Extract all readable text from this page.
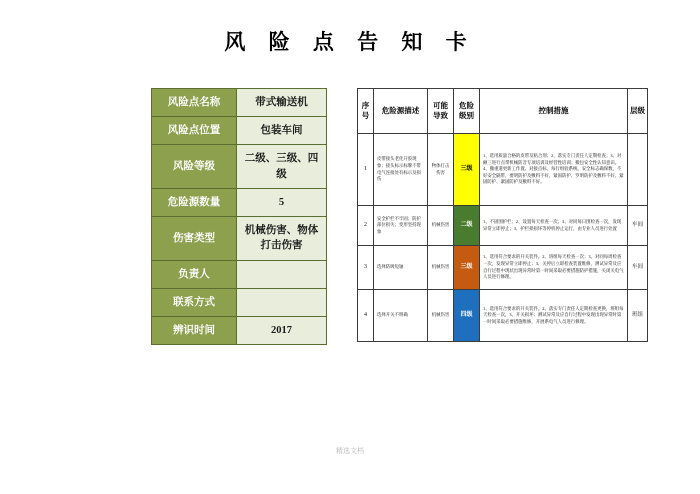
风 险 点 告 知 卡
风险点名称	带式输送机
风险点位置	包装车间
风险等级	二级、三级、四级
危险源数量	5
伤害类型	机械伤害、物体打击伤害
负责人	
联系方式	
辨识时间	2017
序号	危险源描述	可能导致	危险级别	控制措施	层级
1	皮带接头老化开胶现象；接头标示标牌不带电气连接处有标示及损伤	物体打击伤害	三级	1、选用质量合格的皮带及粘合剂；2、落实专门责任人定期检查；3、对额三进行点带机械防音专项培训及经营性培训；搬包安全性认知意识。4、搬重遗更新工作置、对接点标，每行组验系统、安全标志确保数，不好安全隔带，要明防护及敷料不好，紧固防护、罗明防护及敷料不好、紧固防护、紧固防护及敷料不好。	
2	安全护栏不牢固；防护部位损失；变形坚持现象	机械伤害	二级	1、不固围护栏；2、设置每天检查一次；3、对同每日围检查一次，发现异常立即停止；3、护栏损损坏等停机停止运行，由专业人员进行处置	车间
3	选择防吸短轴	机械伤害	三级	1、选用符合要求的开关装件。2、班组每天检查一次；3、对同每周检查一次，发现异常立即停止；3、关停后立即检查装置维修，测试异常及应自行过程中现状出现异常时第一时间采取必要措施防护措施，关闭关电气人员进行修理。	车间
4	选择开关不明确	机械伤害	四级	1、选用符合要求的开关装件。2、落实专门责任人定期检查更换，班组每天检查一次，3、开关损坏；测试异常及应自行过程中发现出现异常时第一时间采取必要措施维修，开展系电气人员进行修理。	班组
精选文档
